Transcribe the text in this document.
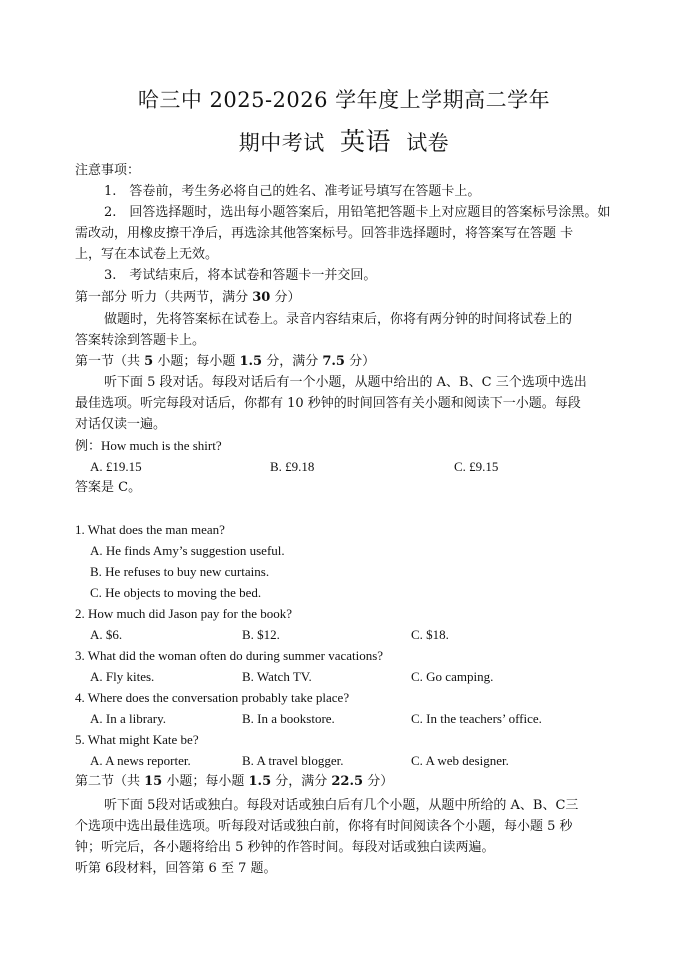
哈三中 2025-2026 学年度上学期高二学年
期中考试 英语 试卷
注意事项：
1.　答卷前，考生务必将自己的姓名、准考证号填写在答题卡上。
2.　回答选择题时，选出每小题答案后，用铅笔把答题卡上对应题目的答案标号涂黑。如
需改动，用橡皮擦干净后，再选涂其他答案标号。回答非选择题时，将答案写在答题 卡
上，写在本试卷上无效。
3.　考试结束后，将本试卷和答题卡一并交回。
第一部分 听力（共两节，满分 30 分）
做题时，先将答案标在试卷上。录音内容结束后，你将有两分钟的时间将试卷上的
答案转涂到答题卡上。
第一节（共 5 小题；每小题 1.5 分，满分 7.5 分）
听下面 5 段对话。每段对话后有一个小题，从题中给出的 A、B、C 三个选项中选出
最佳选项。听完每段对话后，你都有 10 秒钟的时间回答有关小题和阅读下一小题。每段
对话仅读一遍。
例：How much is the shirt?
A. £19.15	B. £9.18	C. £9.15
答案是 C。
1. What does the man mean?
A. He finds Amy’s suggestion useful.
B. He refuses to buy new curtains.
C. He objects to moving the bed.
2. How much did Jason pay for the book?
A. $6.	B. $12.	C. $18.
3. What did the woman often do during summer vacations?
A. Fly kites.	B. Watch TV.	C. Go camping.
4. Where does the conversation probably take place?
A. In a library.	B. In a bookstore.	C. In the teachers’ office.
5. What might Kate be?
A. A news reporter.	B. A travel blogger.	C. A web designer.
第二节（共 15 小题；每小题 1.5 分，满分 22.5 分）
听下面 5段对话或独白。每段对话或独白后有几个小题，从题中所给的 A、B、C三
个选项中选出最佳选项。听每段对话或独白前，你将有时间阅读各个小题，每小题 5 秒
钟；听完后，各小题将给出 5 秒钟的作答时间。每段对话或独白读两遍。
听第 6段材料，回答第 6 至 7 题。
